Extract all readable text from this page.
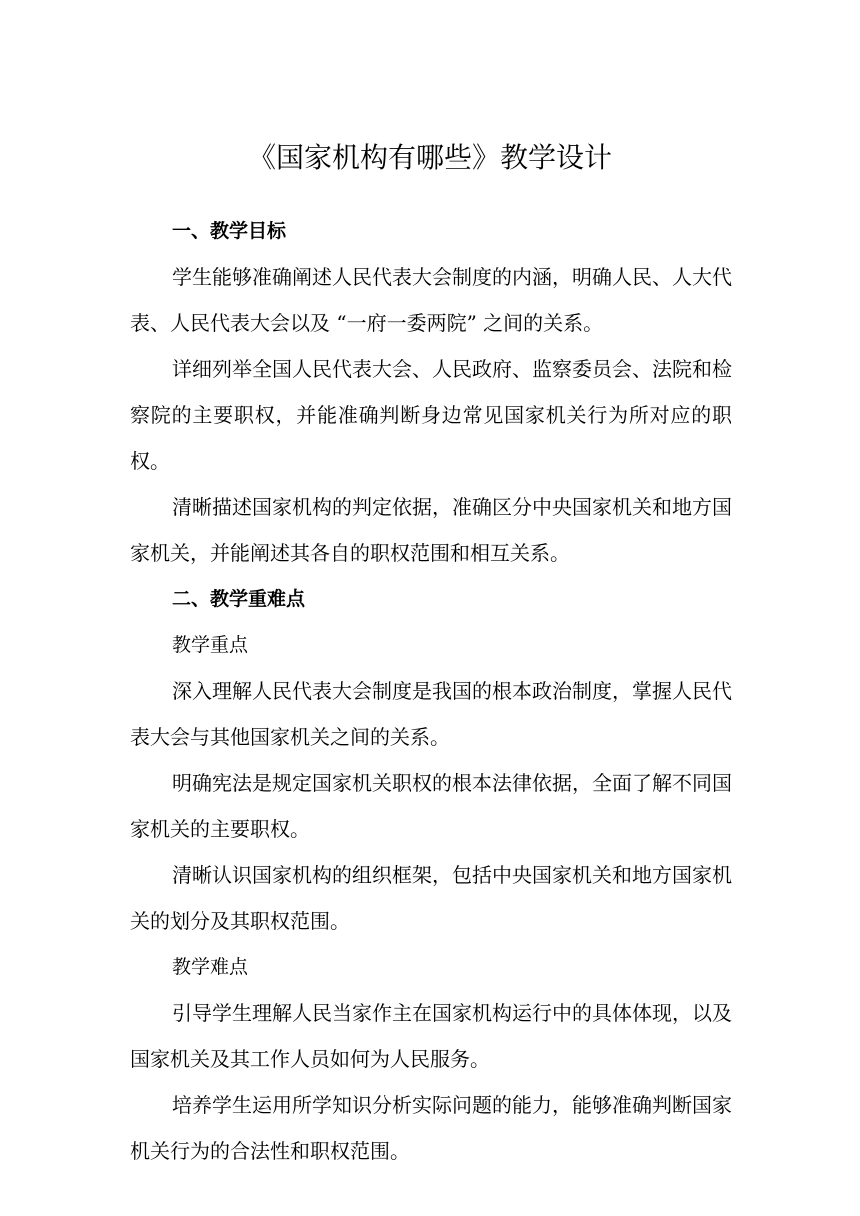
《国家机构有哪些》教学设计

一、教学目标

学生能够准确阐述人民代表大会制度的内涵，明确人民、人大代表、人民代表大会以及 “一府一委两院” 之间的关系。

详细列举全国人民代表大会、人民政府、监察委员会、法院和检察院的主要职权，并能准确判断身边常见国家机关行为所对应的职权。

清晰描述国家机构的判定依据，准确区分中央国家机关和地方国家机关，并能阐述其各自的职权范围和相互关系。

二、教学重难点

教学重点

深入理解人民代表大会制度是我国的根本政治制度，掌握人民代表大会与其他国家机关之间的关系。

明确宪法是规定国家机关职权的根本法律依据，全面了解不同国家机关的主要职权。

清晰认识国家机构的组织框架，包括中央国家机关和地方国家机关的划分及其职权范围。

教学难点

引导学生理解人民当家作主在国家机构运行中的具体体现，以及国家机关及其工作人员如何为人民服务。

培养学生运用所学知识分析实际问题的能力，能够准确判断国家机关行为的合法性和职权范围。
